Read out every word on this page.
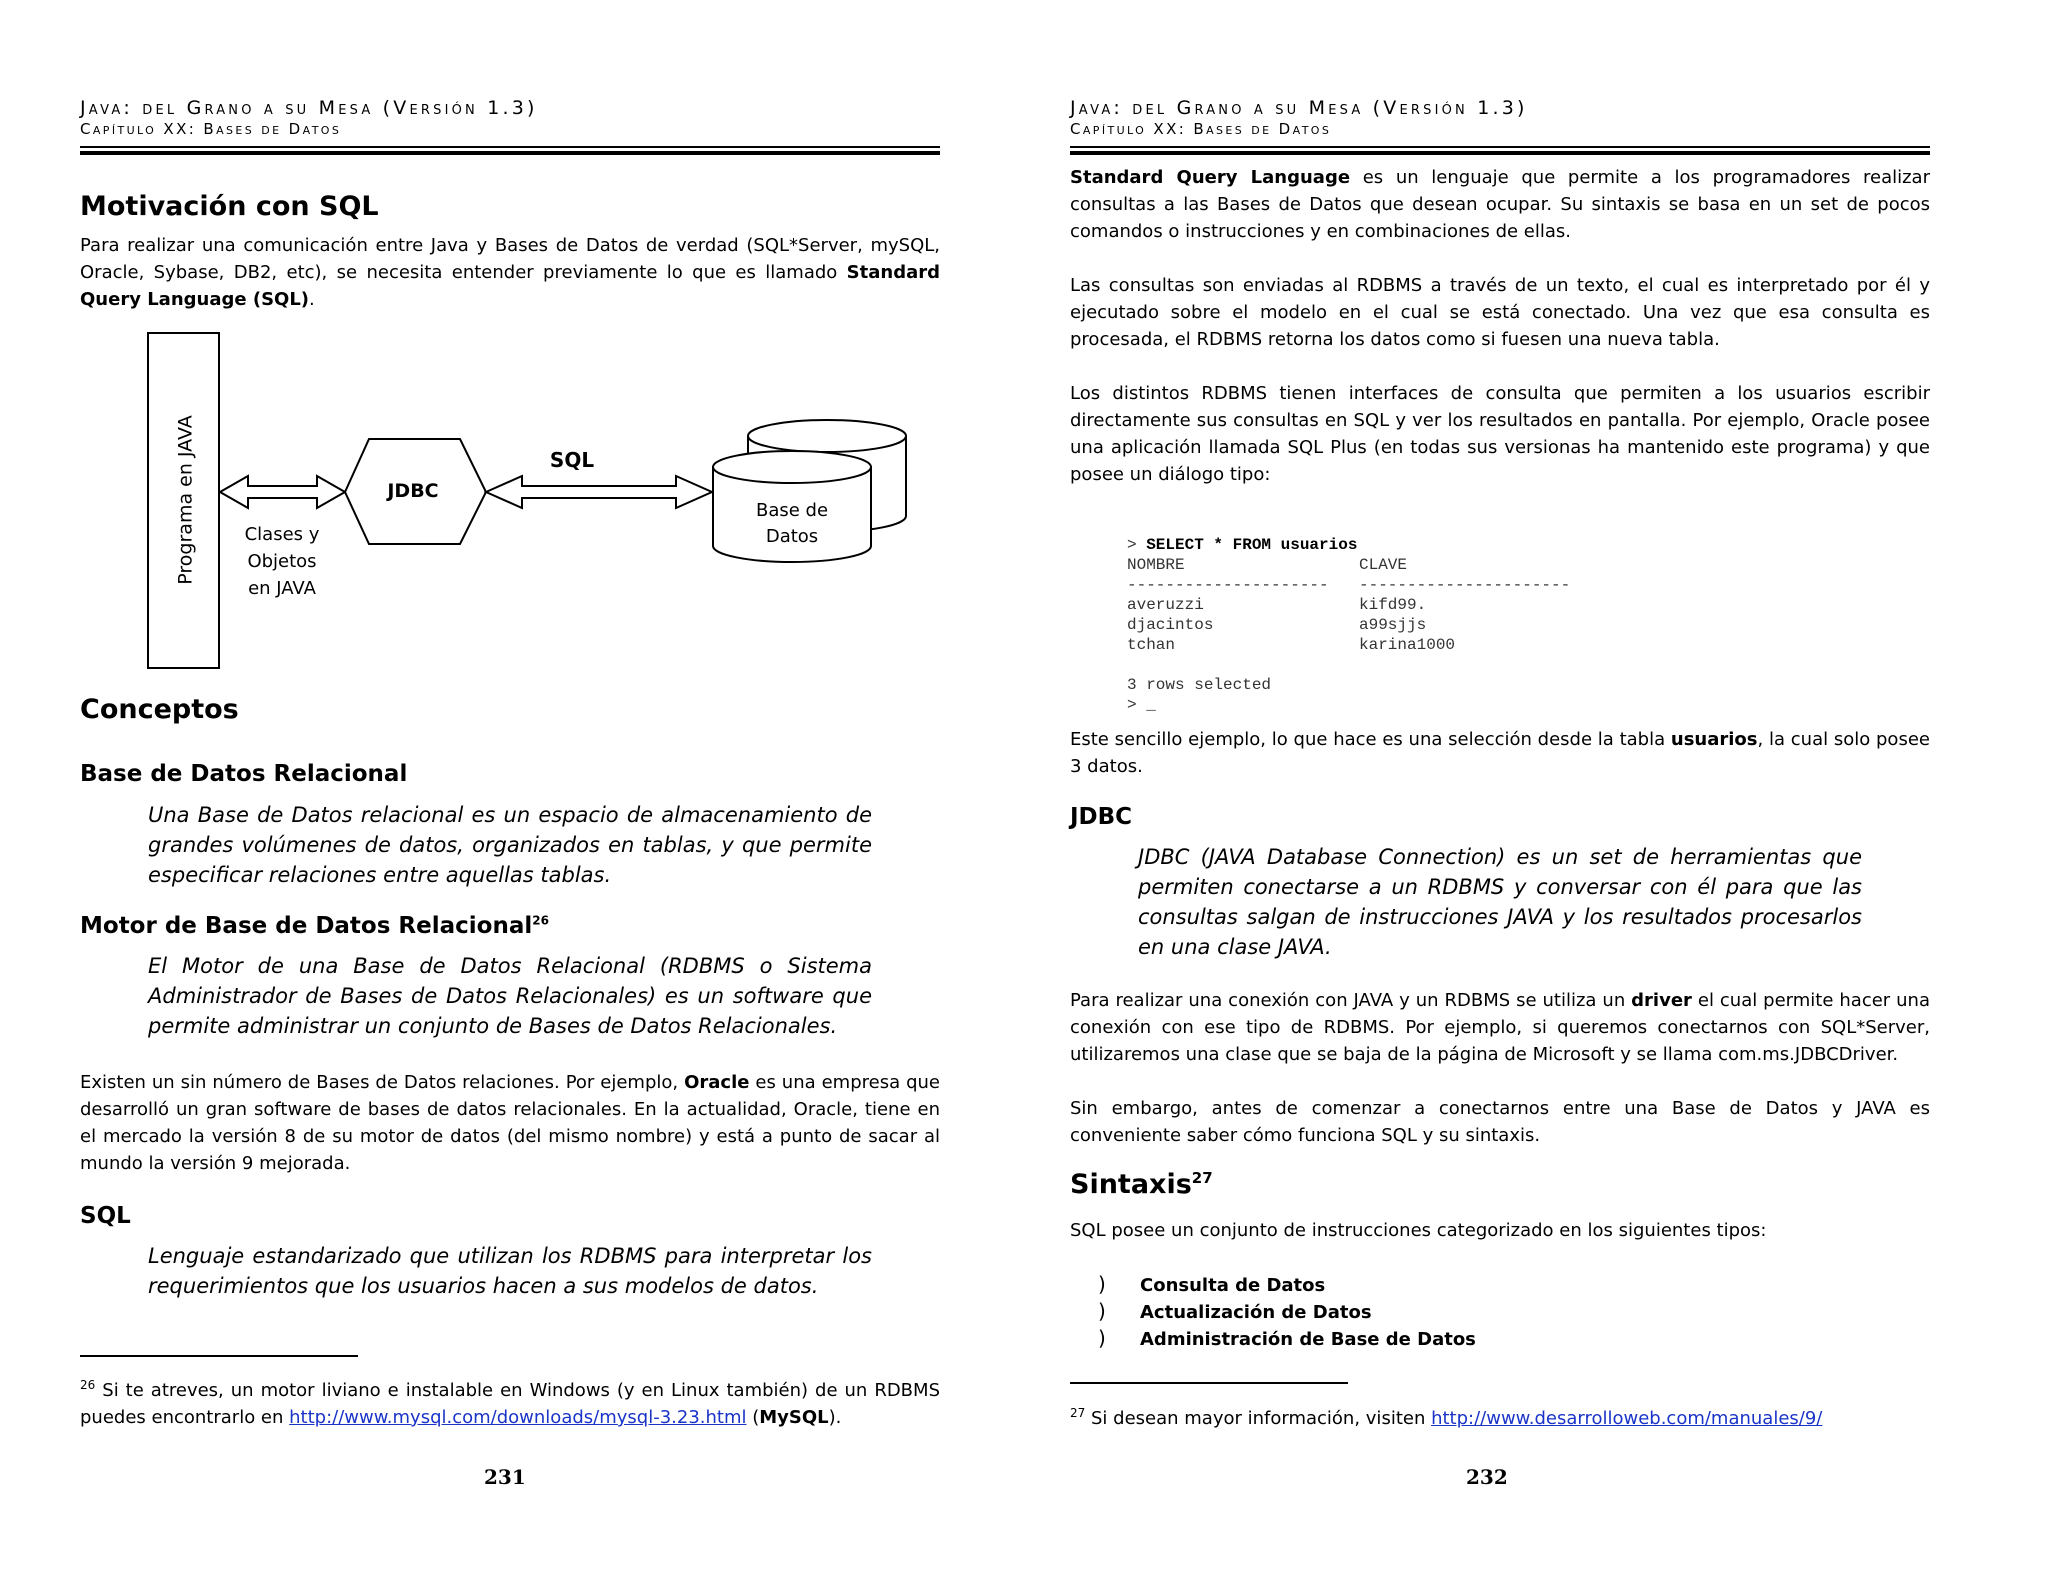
Java: del Grano a su Mesa (Versión 1.3)
Capítulo XX: Bases de Datos
Motivación con SQL

Para realizar una comunicación entre Java y Bases de Datos de verdad (SQL*Server, mySQL, Oracle, Sybase, DB2, etc), se necesita entender previamente lo que es llamado Standard Query Language (SQL).

Programa en JAVA	JDBC
SQL
Base de
Datos
Clases y
Objetos
en JAVA
Conceptos
Base de Datos Relacional

Una Base de Datos relacional es un espacio de almacenamiento de grandes volúmenes de datos, organizados en tablas, y que permite especificar relaciones entre aquellas tablas.

Motor de Base de Datos Relacional$^{26}$

El Motor de una Base de Datos Relacional (RDBMS o Sistema Administrador de Bases de Datos Relacionales) es un software que permite administrar un conjunto de Bases de Datos Relacionales.

Existen un sin número de Bases de Datos relaciones. Por ejemplo, Oracle es una empresa que desarrolló un gran software de bases de datos relacionales. En la actualidad, Oracle, tiene en el mercado la versión 8 de su motor de datos (del mismo nombre) y está a punto de sacar al mundo la versión 9 mejorada.

SQL

Lenguaje estandarizado que utilizan los RDBMS para interpretar los requerimientos que los usuarios hacen a sus modelos de datos.

$^{26}$ Si te atreves, un motor liviano e instalable en Windows (y en Linux también) de un RDBMS puedes encontrarlo en http://www.mysql.com/downloads/mysql-3.23.html (MySQL).

231
Java: del Grano a su Mesa (Versión 1.3)
Capítulo XX: Bases de Datos

Standard Query Language es un lenguaje que permite a los programadores realizar consultas a las Bases de Datos que desean ocupar. Su sintaxis se basa en un set de pocos comandos o instrucciones y en combinaciones de ellas.

Las consultas son enviadas al RDBMS a través de un texto, el cual es interpretado por él y ejecutado sobre el modelo en el cual se está conectado. Una vez que esa consulta es procesada, el RDBMS retorna los datos como si fuesen una nueva tabla.

Los distintos RDBMS tienen interfaces de consulta que permiten a los usuarios escribir directamente sus consultas en SQL y ver los resultados en pantalla. Por ejemplo, Oracle posee una aplicación llamada SQL Plus (en todas sus versionas ha mantenido este programa) y que posee un diálogo tipo:

> SELECT * FROM usuarios
NOMBRE	CLAVE
--------------------- ----------------------
averuzzi	kifd99.
djacintos	a99sjjs
tchan	karina1000

3 rows selected
> _

Este sencillo ejemplo, lo que hace es una selección desde la tabla usuarios, la cual solo posee 3 datos.

JDBC

JDBC (JAVA Database Connection) es un set de herramientas que permiten conectarse a un RDBMS y conversar con él para que las consultas salgan de instrucciones JAVA y los resultados procesarlos en una clase JAVA.

Para realizar una conexión con JAVA y un RDBMS se utiliza un driver el cual permite hacer una conexión con ese tipo de RDBMS. Por ejemplo, si queremos conectarnos con SQL*Server, utilizaremos una clase que se baja de la página de Microsoft y se llama com.ms.JDBCDriver.

Sin embargo, antes de comenzar a conectarnos entre una Base de Datos y JAVA es conveniente saber cómo funciona SQL y su sintaxis.

Sintaxis$^{27}$

SQL posee un conjunto de instrucciones categorizado en los siguientes tipos:

) Consulta de Datos
) Actualización de Datos
) Administración de Base de Datos

$^{27}$ Si desean mayor información, visiten http://www.desarrolloweb.com/manuales/9/

232
